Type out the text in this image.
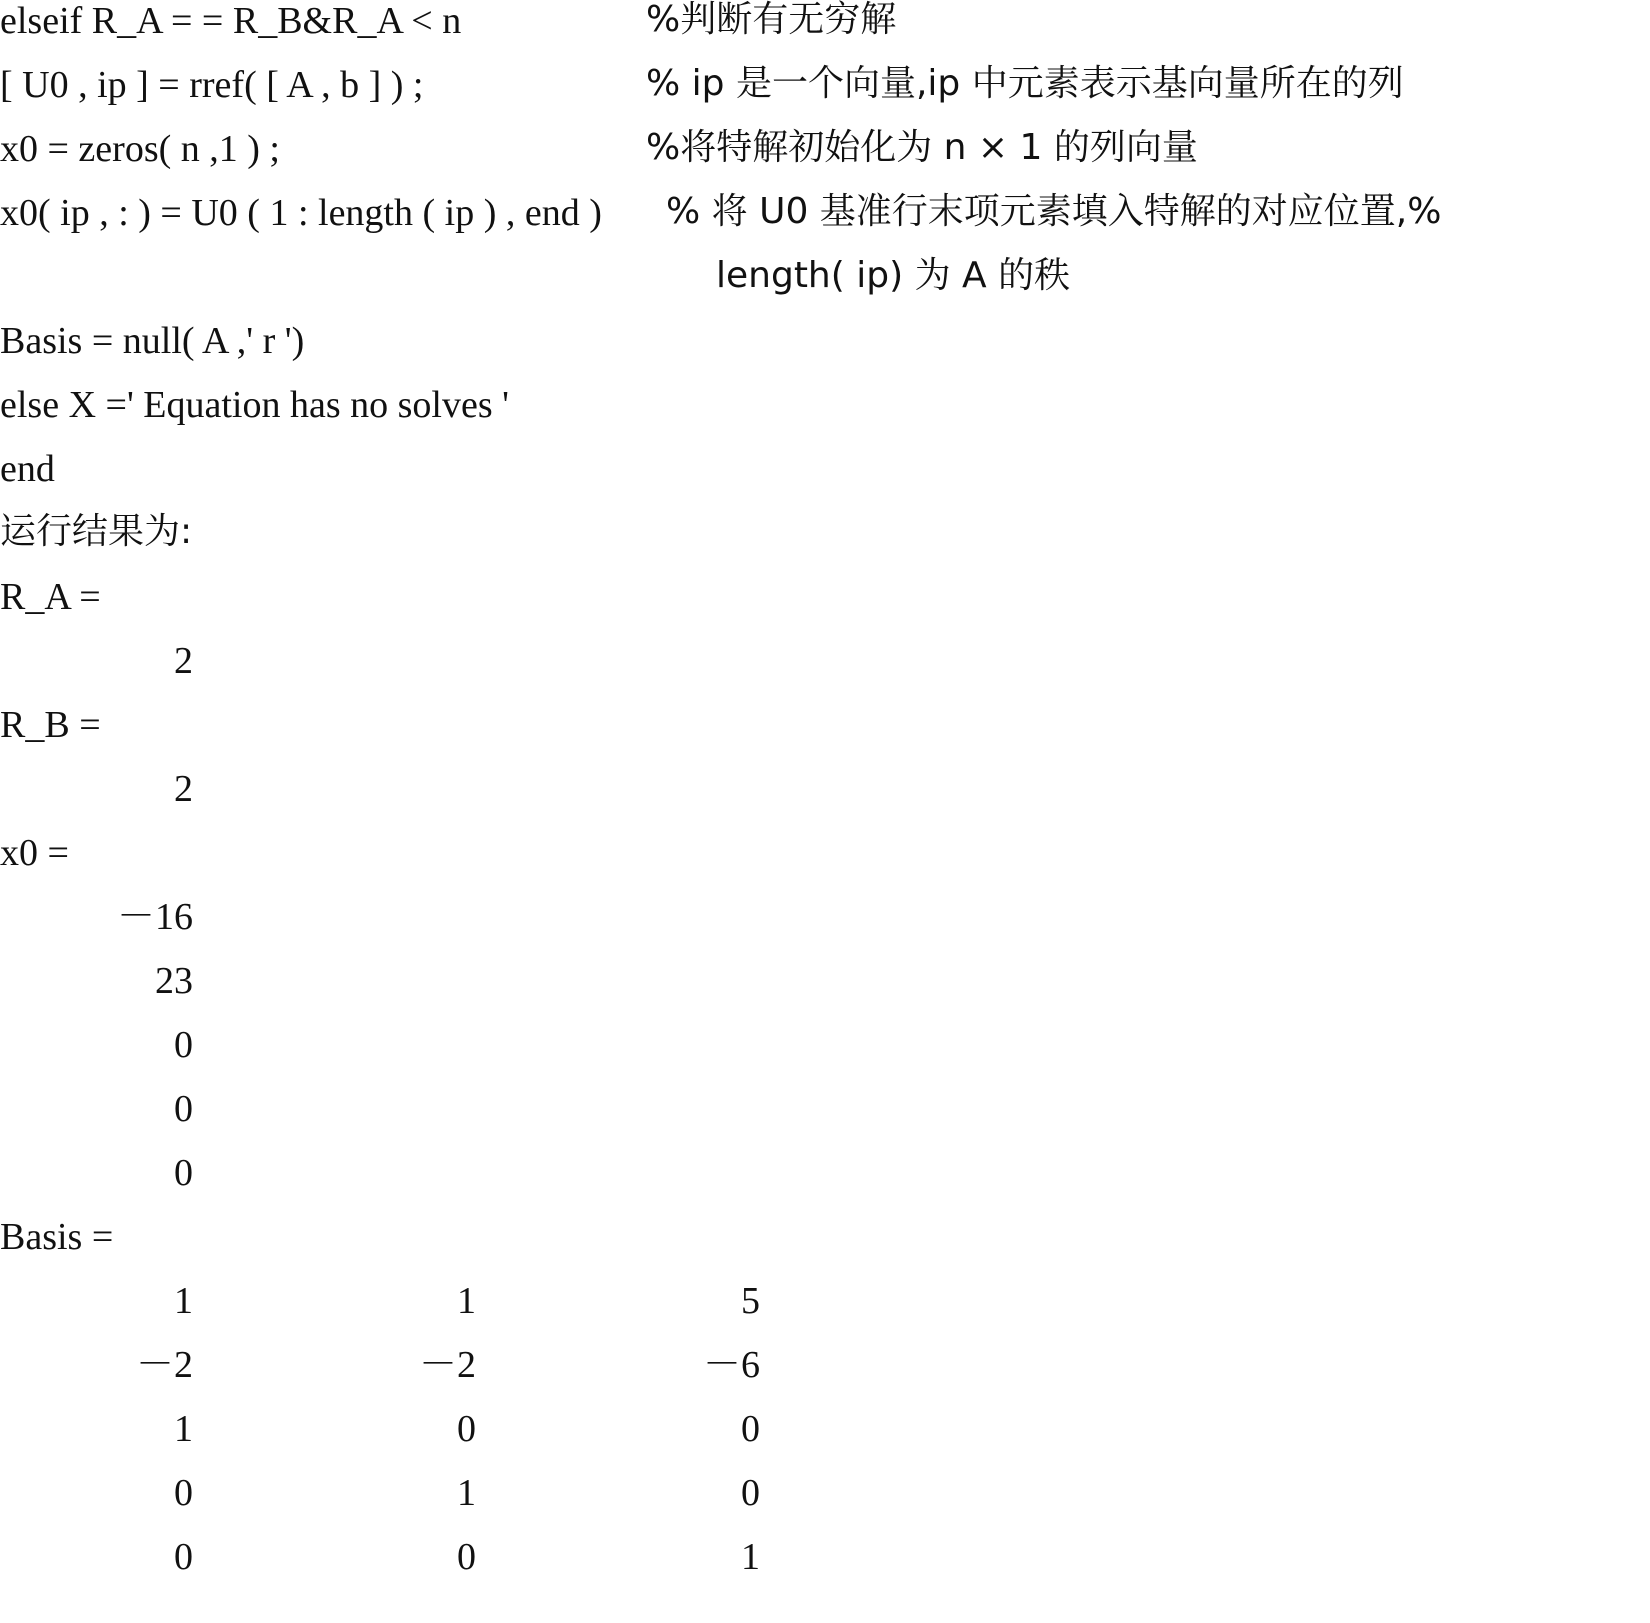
elseif R_A = = R_B&R_A < n	%判断有无穷解
[ U0 , ip ] = rref( [ A , b ] ) ;	% ip 是一个向量,ip 中元素表示基向量所在的列
x0 = zeros( n ,1 ) ;	%将特解初始化为 n × 1 的列向量
x0( ip , : ) = U0 ( 1 : length ( ip ) , end ) % 将 U0 基准行末项元素填入特解的对应位置,%
length( ip) 为 A 的秩
Basis = null( A ,' r ')
else X =' Equation has no solves '
end
运行结果为:
R_A =
2
R_B =
2
x0 =
－16
23
0
0
0
Basis =
1	1	5
－2	－2	－6
1	0	0
0	1	0
0	0	1
